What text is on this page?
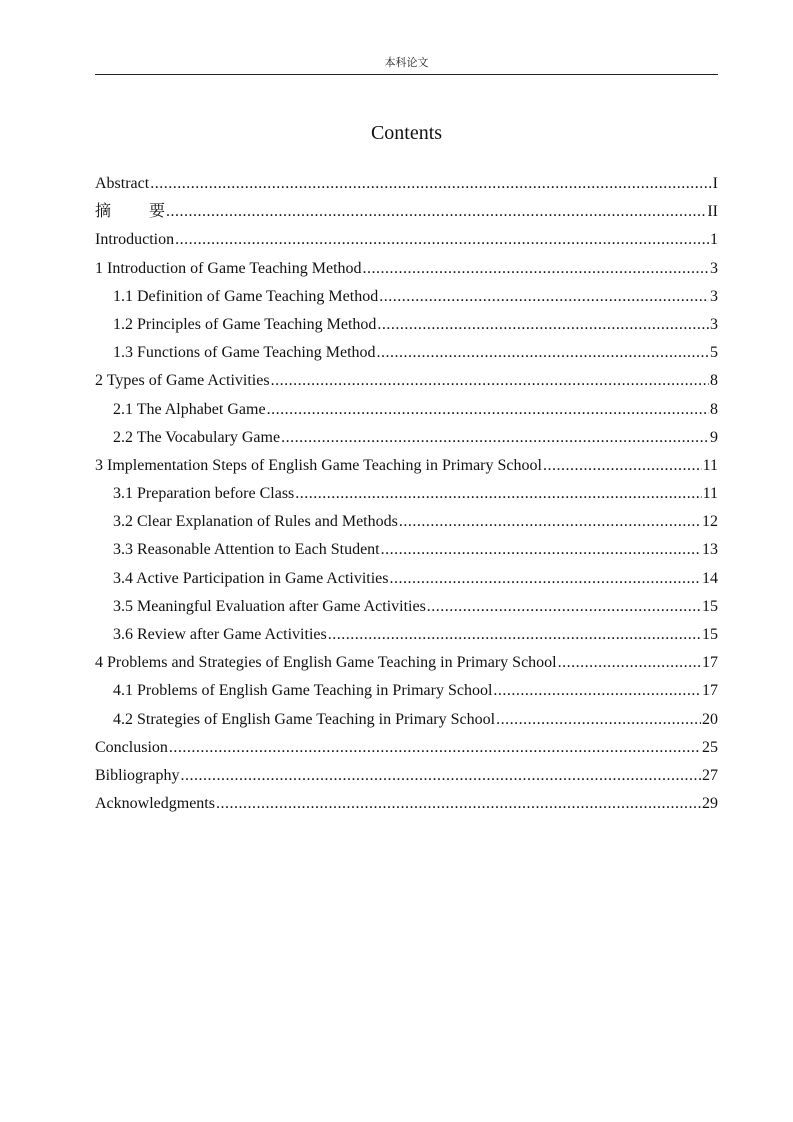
本科论文
Contents
Abstract .....	I
摘 要 .....	II
Introduction .....	1
1 Introduction of Game Teaching Method .....	3
1.1 Definition of Game Teaching Method .....	3
1.2 Principles of Game Teaching Method .....	3
1.3 Functions of Game Teaching Method .....	5
2 Types of Game Activities .....	8
2.1 The Alphabet Game .....	8
2.2 The Vocabulary Game .....	9
3 Implementation Steps of English Game Teaching in Primary School .....	11
3.1 Preparation before Class .....	11
3.2 Clear Explanation of Rules and Methods .....	12
3.3 Reasonable Attention to Each Student .....	13
3.4 Active Participation in Game Activities .....	14
3.5 Meaningful Evaluation after Game Activities .....	15
3.6 Review after Game Activities .....	15
4 Problems and Strategies of English Game Teaching in Primary School .....	17
4.1 Problems of English Game Teaching in Primary School .....	17
4.2 Strategies of English Game Teaching in Primary School .....	20
Conclusion .....	25
Bibliography .....	27
Acknowledgments .....	29
